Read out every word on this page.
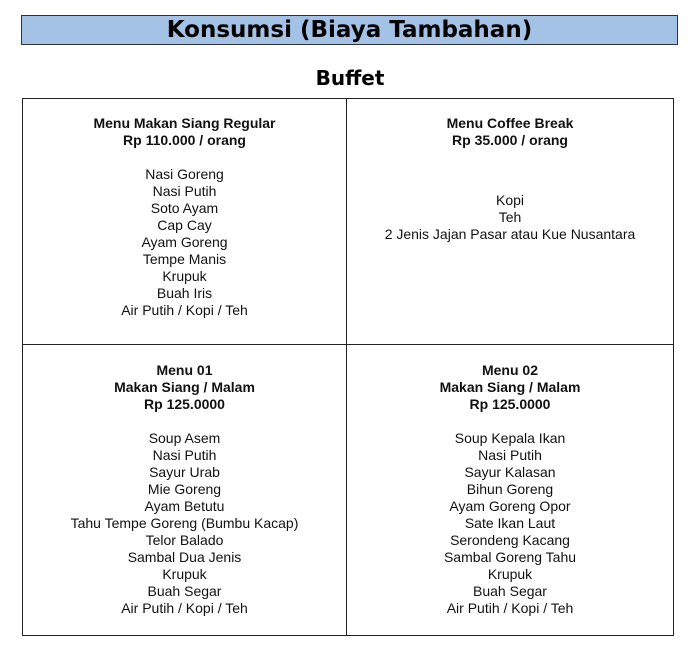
Konsumsi (Biaya Tambahan)
Buffet
Menu Makan Siang Regular
Rp 110.000 / orang
Nasi Goreng
Nasi Putih
Soto Ayam
Cap Cay
Ayam Goreng
Tempe Manis
Krupuk
Buah Iris
Air Putih / Kopi / Teh
Menu Coffee Break
Rp 35.000 / orang
Kopi
Teh
2 Jenis Jajan Pasar atau Kue Nusantara
Menu 01
Makan Siang / Malam
Rp 125.0000
Soup Asem
Nasi Putih
Sayur Urab
Mie Goreng
Ayam Betutu
Tahu Tempe Goreng (Bumbu Kacap)
Telor Balado
Sambal Dua Jenis
Krupuk
Buah Segar
Air Putih / Kopi / Teh
Menu 02
Makan Siang / Malam
Rp 125.0000
Soup Kepala Ikan
Nasi Putih
Sayur Kalasan
Bihun Goreng
Ayam Goreng Opor
Sate Ikan Laut
Serondeng Kacang
Sambal Goreng Tahu
Krupuk
Buah Segar
Air Putih / Kopi / Teh
